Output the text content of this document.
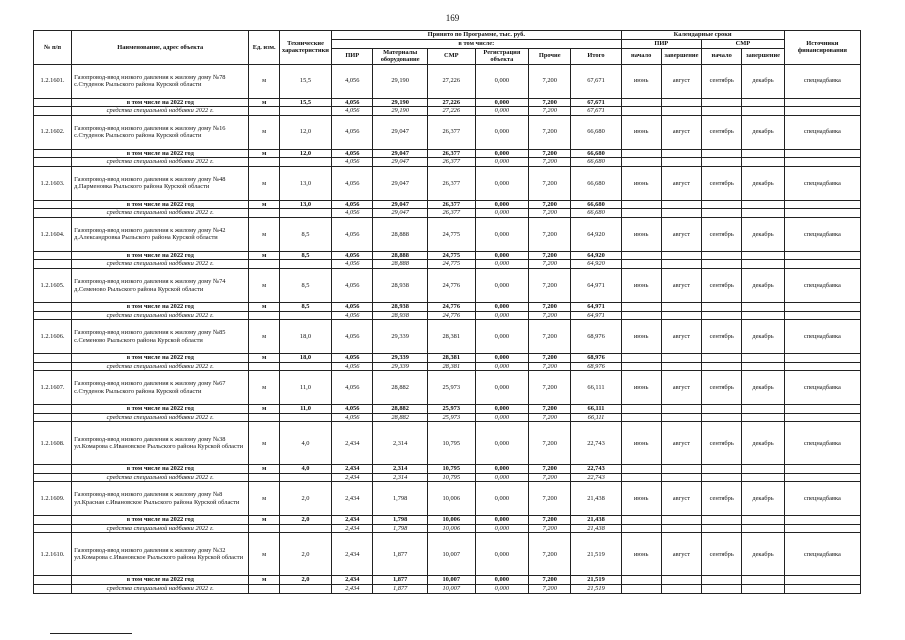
169
№ п/п	Наименование, адрес объекта	Ед. изм.	Технические характеристики	Принято по Программе, тыс. руб.						Календарные сроки				Источники финансирования
				в том числе:						ПИР		СМР		
				ПИР	Материалы оборудование	СМР	Регистрация объекта	Прочие	Итого	начало	завершение	начало	завершение	
1.2.1601.	Газопровод-ввод низкого давления к жилому дому №78 с.Студенок Рыльского района Курской области	м	15,5	4,056	29,190	27,226	0,000	7,200	67,671	июнь	август	сентябрь	декабрь	спецнадбавка
	в том числе на 2022 год	м	15,5	4,056	29,190	27,226	0,000	7,200	67,671					
	средства специальной надбавки 2022 г.			4,056	29,190	27,226	0,000	7,200	67,671					
1.2.1602.	Газопровод-ввод низкого давления к жилому дому №16 с.Студенок Рыльского района Курской области	м	12,0	4,056	29,047	26,377	0,000	7,200	66,680	июнь	август	сентябрь	декабрь	спецнадбавка
	в том числе на 2022 год	м	12,0	4,056	29,047	26,377	0,000	7,200	66,680					
	средства специальной надбавки 2022 г.			4,056	29,047	26,377	0,000	7,200	66,680					
1.2.1603.	Газопровод-ввод низкого давления к жилому дому №48 д.Парменовка Рыльского района Курской области	м	13,0	4,056	29,047	26,377	0,000	7,200	66,680	июнь	август	сентябрь	декабрь	спецнадбавка
	в том числе на 2022 год	м	13,0	4,056	29,047	26,377	0,000	7,200	66,680					
	средства специальной надбавки 2022 г.			4,056	29,047	26,377	0,000	7,200	66,680					
1.2.1604.	Газопровод-ввод низкого давления к жилому дому №42 д.Александровка Рыльского района Курской области	м	8,5	4,056	28,888	24,775	0,000	7,200	64,920	июнь	август	сентябрь	декабрь	спецнадбавка
	в том числе на 2022 год	м	8,5	4,056	28,888	24,775	0,000	7,200	64,920					
	средства специальной надбавки 2022 г.			4,056	28,888	24,775	0,000	7,200	64,920					
1.2.1605.	Газопровод-ввод низкого давления к жилому дому №74 д.Семеново Рыльского района Курской области	м	8,5	4,056	28,938	24,776	0,000	7,200	64,971	июнь	август	сентябрь	декабрь	спецнадбавка
	в том числе на 2022 год	м	8,5	4,056	28,938	24,776	0,000	7,200	64,971					
	средства специальной надбавки 2022 г.			4,056	28,938	24,776	0,000	7,200	64,971					
1.2.1606.	Газопровод-ввод низкого давления к жилому дому №85 с.Семеново Рыльского района Курской области	м	18,0	4,056	29,339	28,381	0,000	7,200	68,976	июнь	август	сентябрь	декабрь	спецнадбавка
	в том числе на 2022 год	м	18,0	4,056	29,339	28,381	0,000	7,200	68,976					
	средства специальной надбавки 2022 г.			4,056	29,339	28,381	0,000	7,200	68,976					
1.2.1607.	Газопровод-ввод низкого давления к жилому дому №67 с.Студенок Рыльского района Курской области	м	11,0	4,056	28,882	25,973	0,000	7,200	66,111	июнь	август	сентябрь	декабрь	спецнадбавка
	в том числе на 2022 год	м	11,0	4,056	28,882	25,973	0,000	7,200	66,111					
	средства специальной надбавки 2022 г.			4,056	28,882	25,973	0,000	7,200	66,111					
1.2.1608.	Газопровод-ввод низкого давления к жилому дому №38 ул.Комарова с.Ивановское Рыльского района Курской области	м	4,0	2,434	2,314	10,795	0,000	7,200	22,743	июнь	август	сентябрь	декабрь	спецнадбавка
	в том числе на 2022 год	м	4,0	2,434	2,314	10,795	0,000	7,200	22,743					
	средства специальной надбавки 2022 г.			2,434	2,314	10,795	0,000	7,200	22,743					
1.2.1609.	Газопровод-ввод низкого давления к жилому дому №8 ул.Красная с.Ивановское Рыльского района Курской области	м	2,0	2,434	1,798	10,006	0,000	7,200	21,438	июнь	август	сентябрь	декабрь	спецнадбавка
	в том числе на 2022 год	м	2,0	2,434	1,798	10,006	0,000	7,200	21,438					
	средства специальной надбавки 2022 г.			2,434	1,798	10,006	0,000	7,200	21,438					
1.2.1610.	Газопровод-ввод низкого давления к жилому дому №32 ул.Комарова с.Ивановское Рыльского района Курской области	м	2,0	2,434	1,877	10,007	0,000	7,200	21,519	июнь	август	сентябрь	декабрь	спецнадбавка
	в том числе на 2022 год	м	2,0	2,434	1,877	10,007	0,000	7,200	21,519					
	средства специальной надбавки 2022 г.			2,434	1,877	10,007	0,000	7,200	21,519					
